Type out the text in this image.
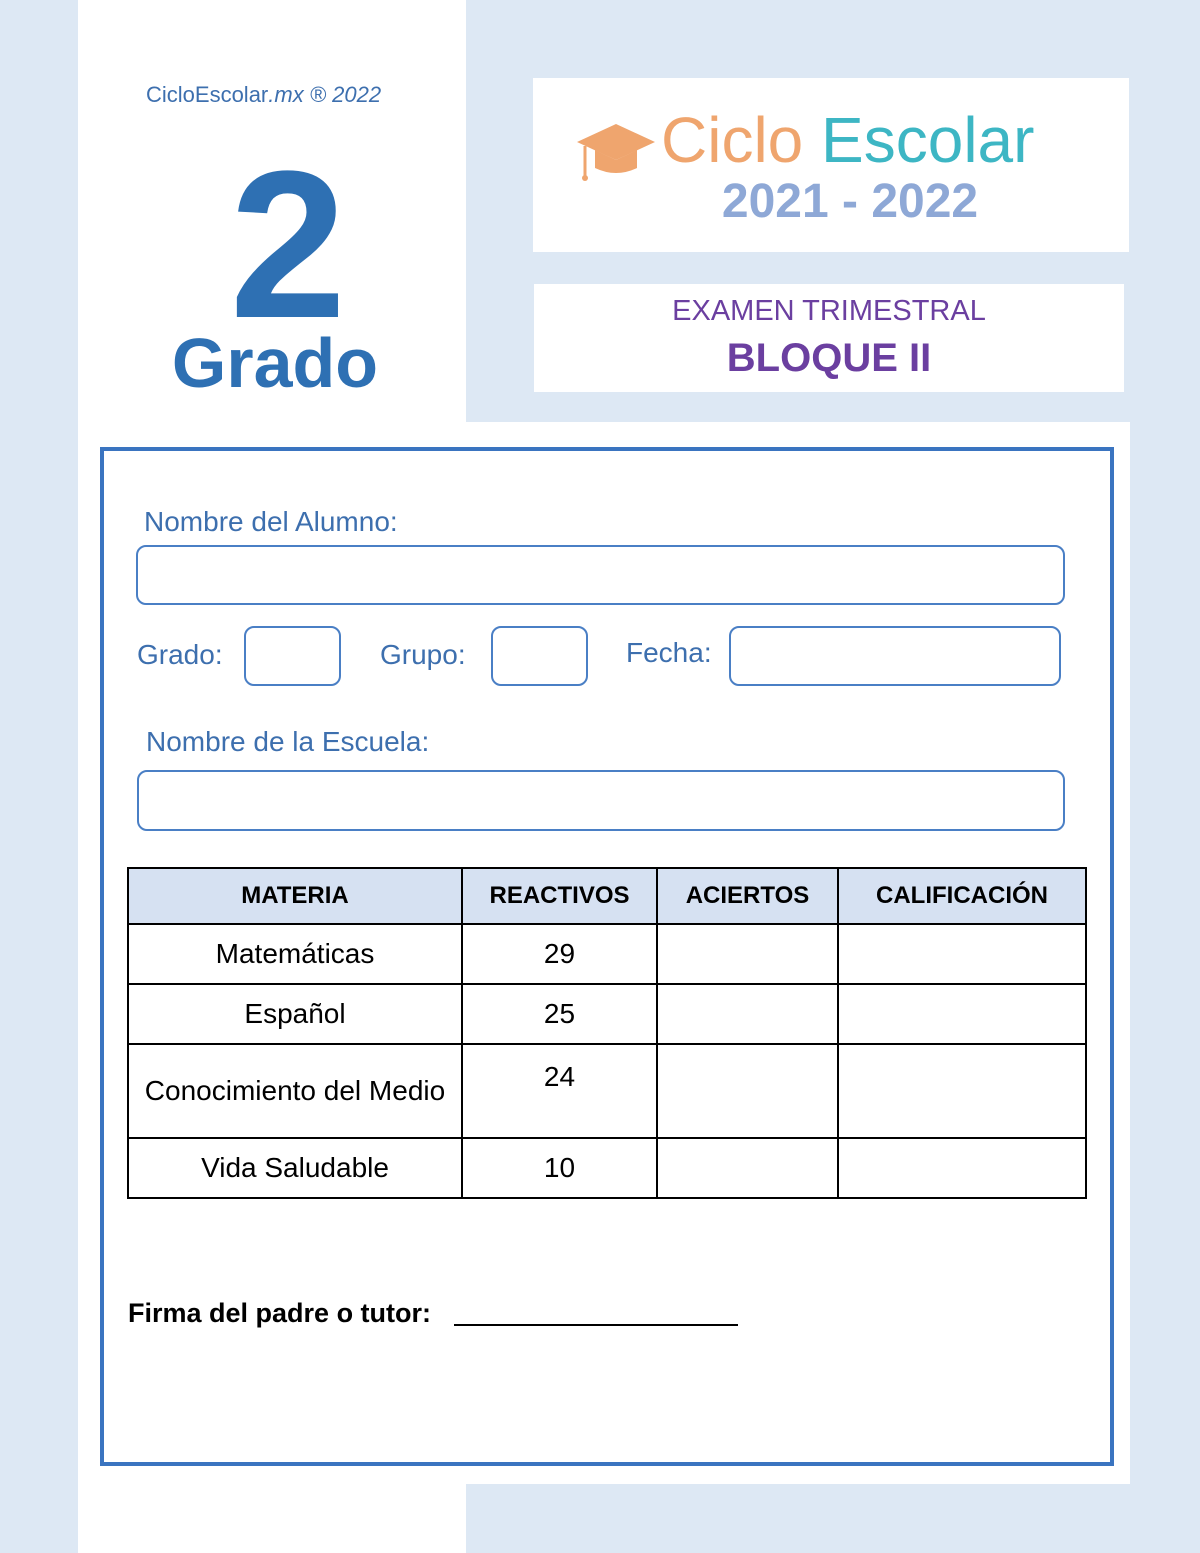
CicloEscolar.mx ® 2022
2
Grado
Ciclo Escolar
2021 - 2022
EXAMEN TRIMESTRAL
BLOQUE II
Nombre del Alumno:
Grado:	Grupo:	Fecha:
Nombre de la Escuela:
MATERIA	REACTIVOS	ACIERTOS	CALIFICACIÓN
Matemáticas	29		
Español	25		
Conocimiento del Medio	24		
Vida Saludable	10		
Firma del padre o tutor:
